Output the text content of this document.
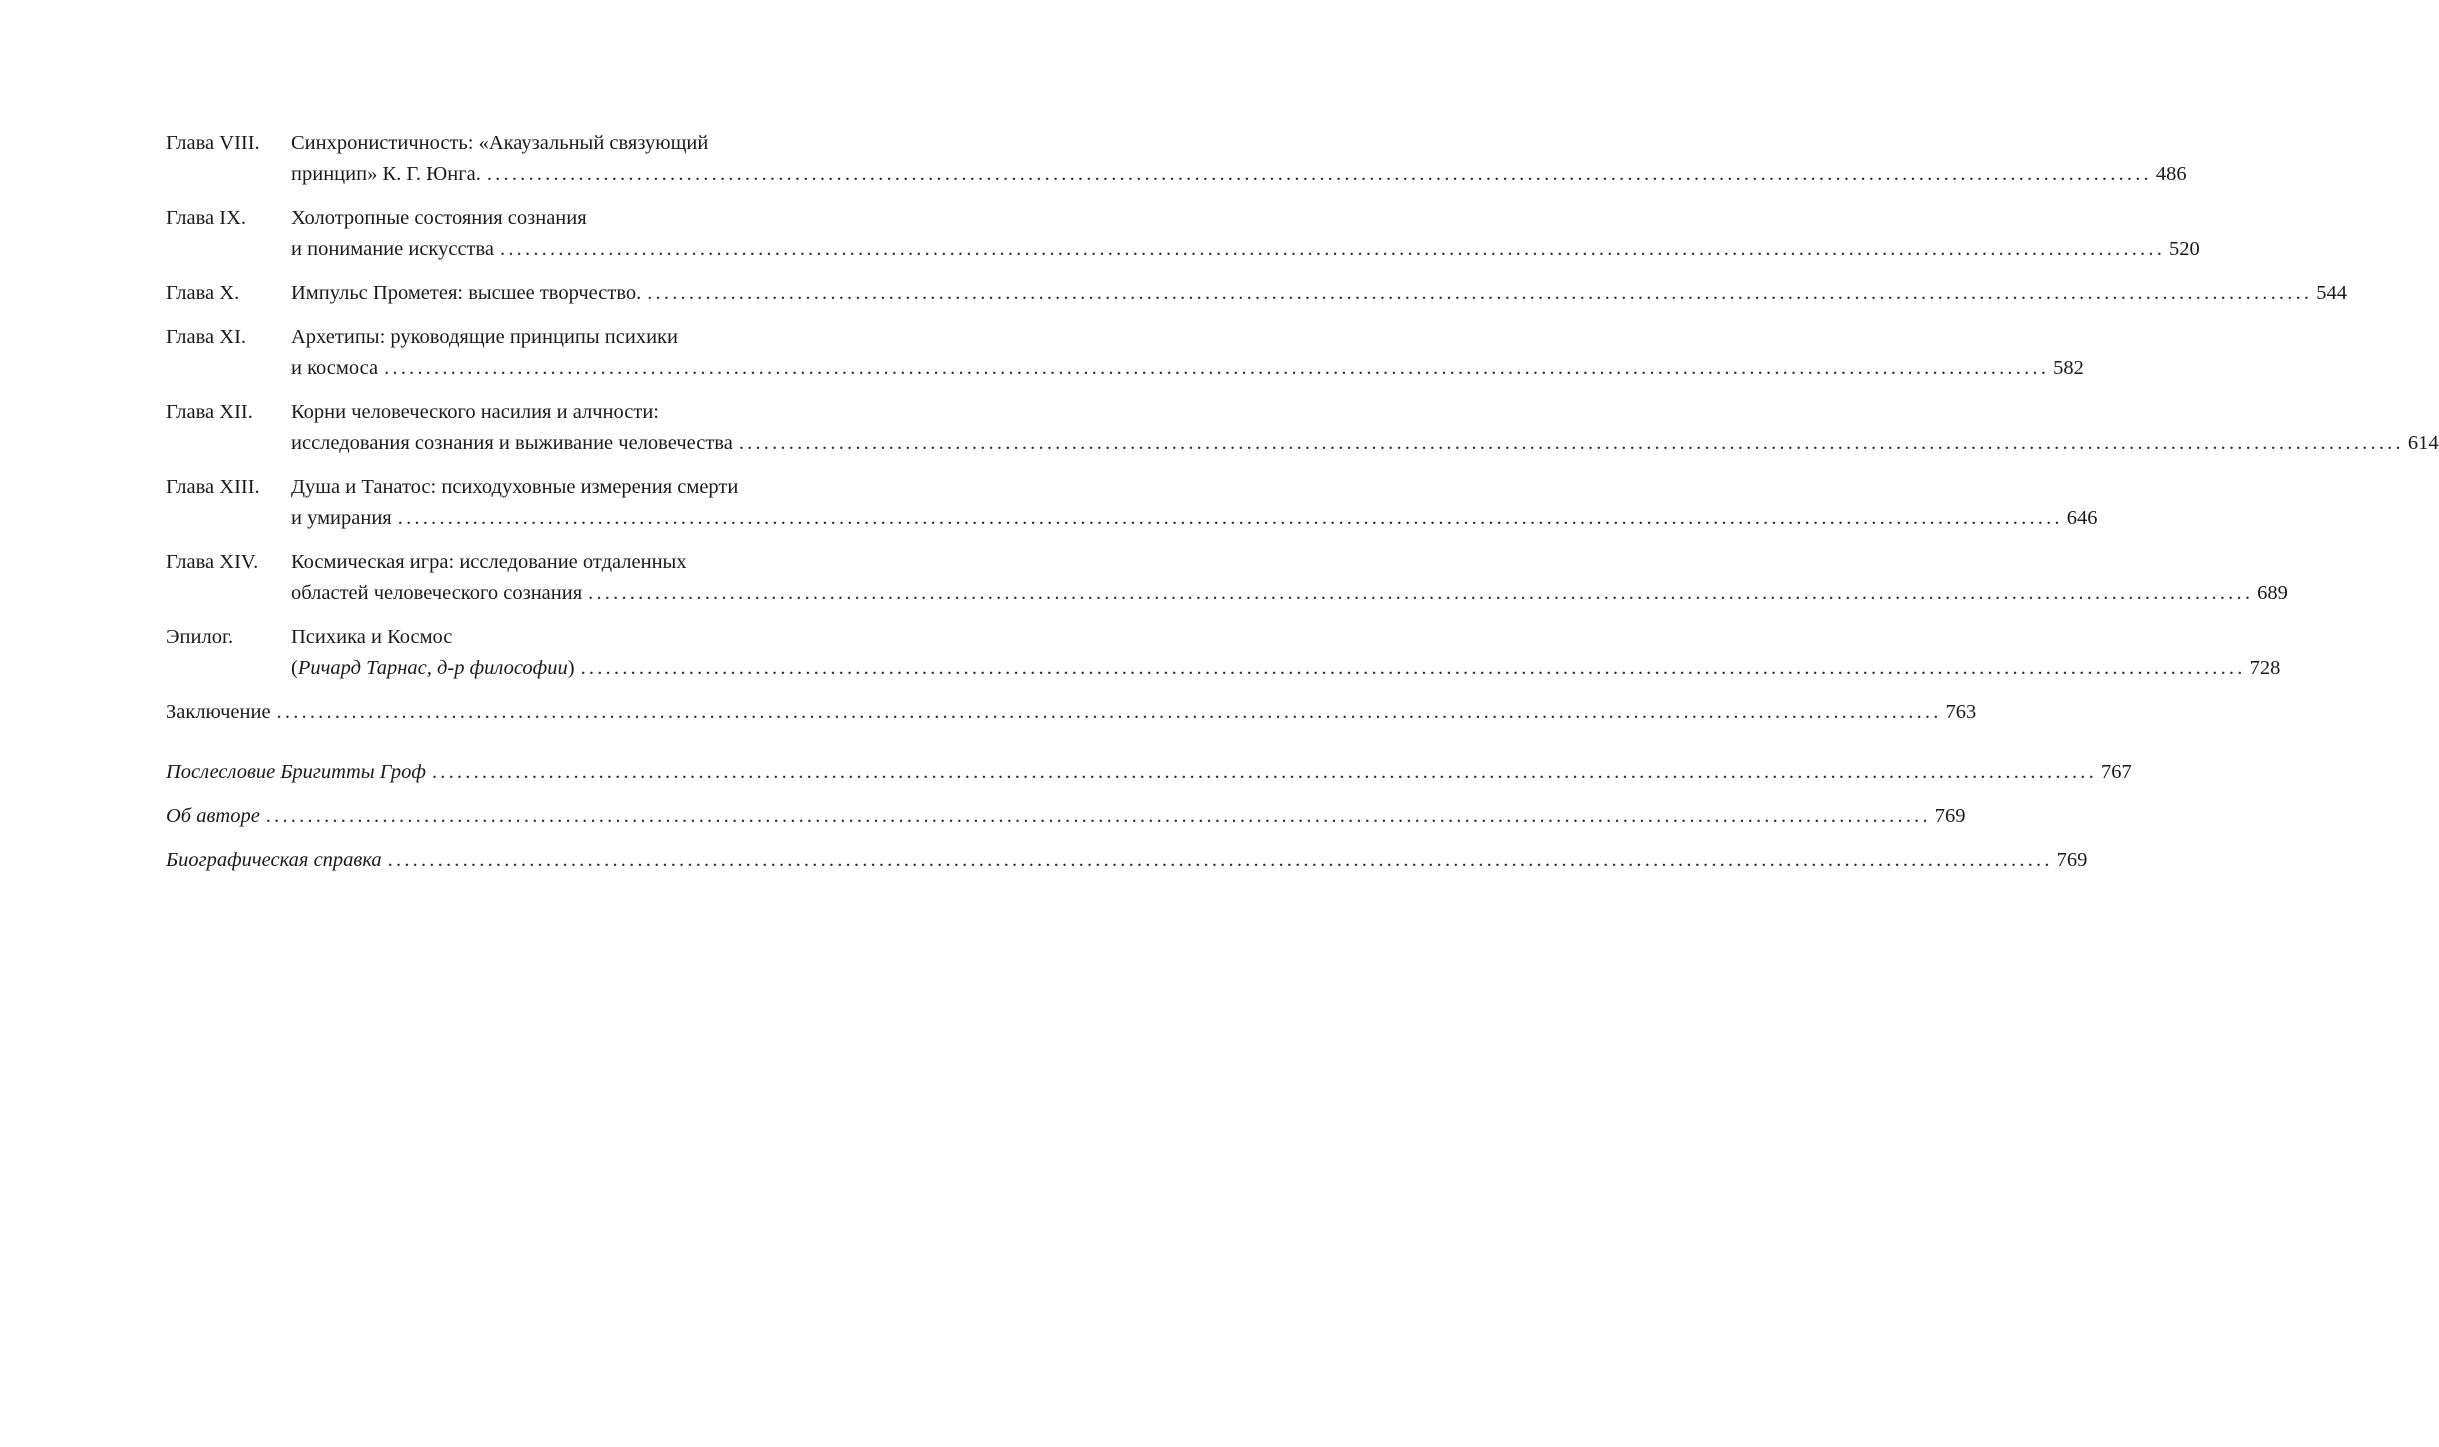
Глава VIII.	Синхронистичность: «Акаузальный связующий
принцип» К. Г. Юнга. ........................................................................................................................................................................................................ 486
Глава IX.	Холотропные состояния сознания
и понимание искусства ........................................................................................................................................................................................................ 520
Глава X.	Импульс Прометея: высшее творчество. ........................................................................................................................................................................................................ 544
Глава XI.	Архетипы: руководящие принципы психики
и космоса ........................................................................................................................................................................................................ 582
Глава XII.	Корни человеческого насилия и алчности:
исследования сознания и выживание человечества ........................................................................................................................................................................................................ 614
Глава XIII.	Душа и Танатос: психодуховные измерения смерти
и умирания ........................................................................................................................................................................................................ 646
Глава XIV.	Космическая игра: исследование отдаленных
областей человеческого сознания ........................................................................................................................................................................................................ 689
Эпилог.	Психика и Космос
(Ричард Тарнас, д-р философии) ........................................................................................................................................................................................................ 728
Заключение ........................................................................................................................................................................................................ 763
Послесловие Бригитты Гроф ........................................................................................................................................................................................................ 767
Об авторе ........................................................................................................................................................................................................ 769
Биографическая справка ........................................................................................................................................................................................................ 769
